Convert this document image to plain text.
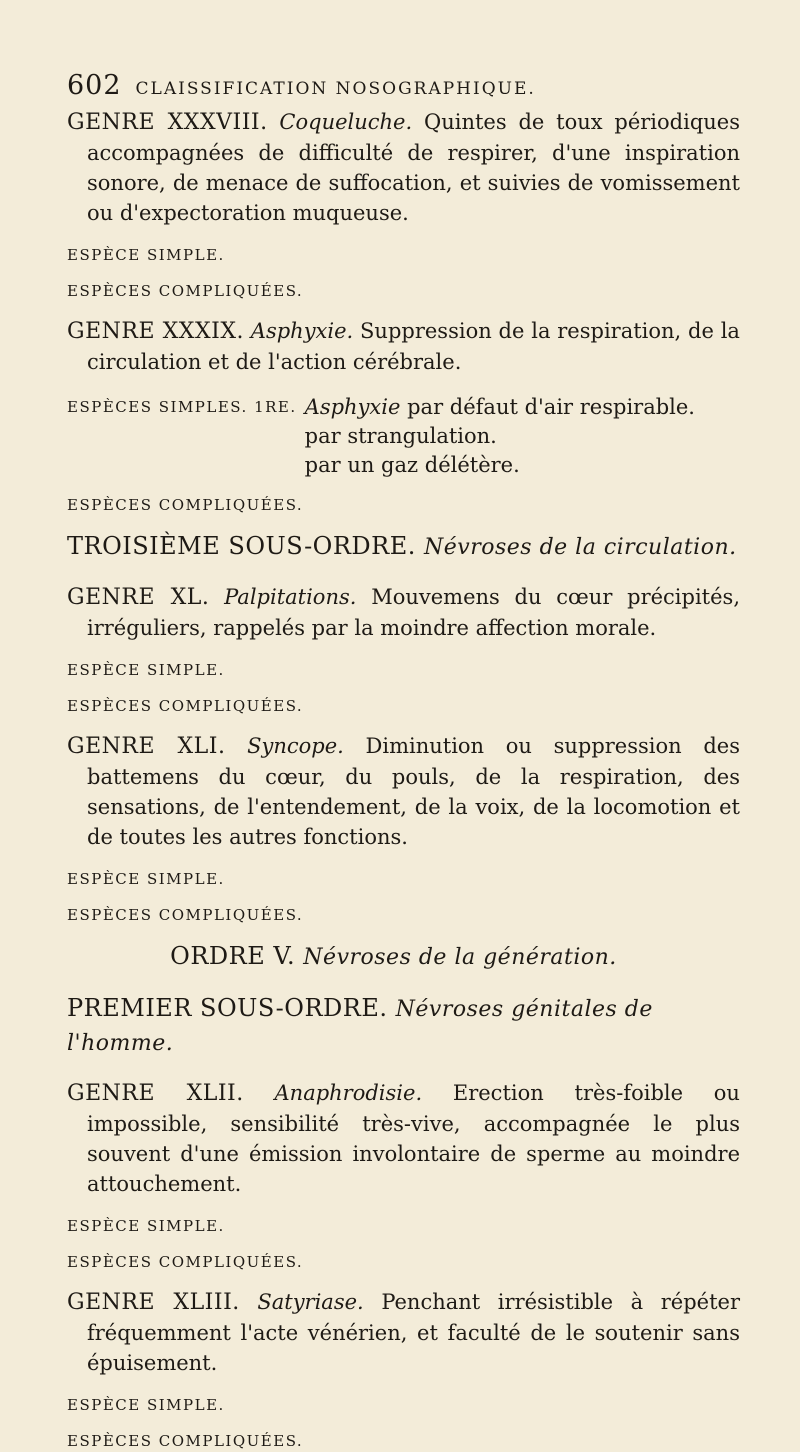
602 CLAISSIFICATION NOSOGRAPHIQUE.

GENRE XXXVIII. Coqueluche. Quintes de toux périodiques accompagnées de difficulté de respirer, d'une inspiration sonore, de menace de suffocation, et suivies de vomissement ou d'expectoration muqueuse.

ESPÈCE SIMPLE.

ESPÈCES COMPLIQUÉES.

GENRE XXXIX. Asphyxie. Suppression de la respiration, de la circulation et de l'action cérébrale.

ESPÈCES SIMPLES. 1RE. Asphyxie par défaut d'air respirable.
par strangulation.
par un gaz délétère.

ESPÈCES COMPLIQUÉES.

TROISIÈME SOUS-ORDRE. Névroses de la circulation.

GENRE XL. Palpitations. Mouvemens du cœur précipités, irréguliers, rappelés par la moindre affection morale.

ESPÈCE SIMPLE.

ESPÈCES COMPLIQUÉES.

GENRE XLI. Syncope. Diminution ou suppression des battemens du cœur, du pouls, de la respiration, des sensations, de l'entendement, de la voix, de la locomotion et de toutes les autres fonctions.

ESPÈCE SIMPLE.

ESPÈCES COMPLIQUÉES.

ORDRE V. Névroses de la génération.

PREMIER SOUS-ORDRE. Névroses génitales de l'homme.

GENRE XLII. Anaphrodisie. Erection très-foible ou impossible, sensibilité très-vive, accompagnée le plus souvent d'une émission involontaire de sperme au moindre attouchement.

ESPÈCE SIMPLE.

ESPÈCES COMPLIQUÉES.

GENRE XLIII. Satyriase. Penchant irrésistible à répéter fréquemment l'acte vénérien, et faculté de le soutenir sans épuisement.

ESPÈCE SIMPLE.

ESPÈCES COMPLIQUÉES.
